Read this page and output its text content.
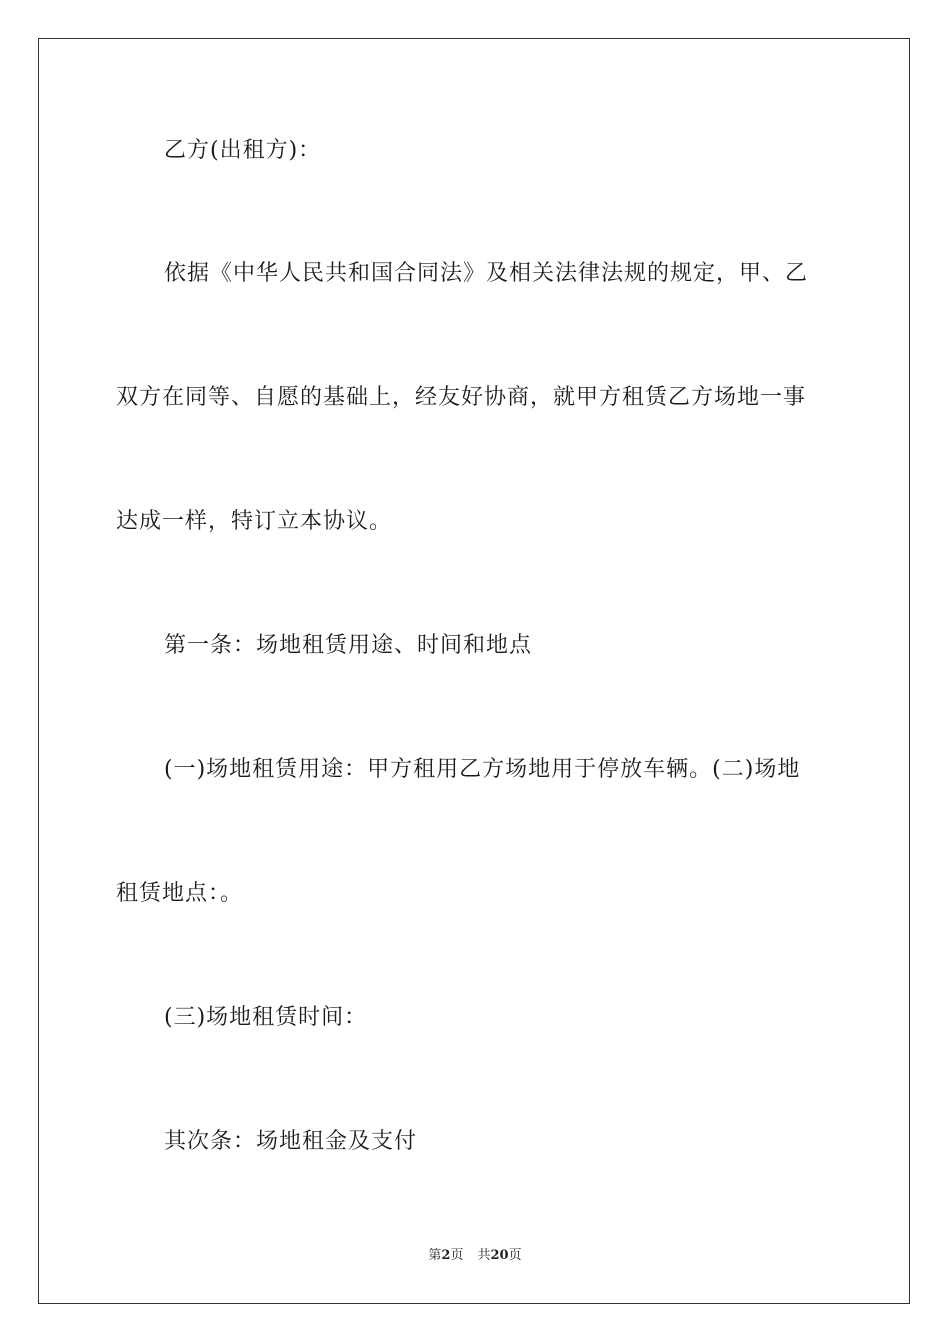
乙方(出租方)：
依据《中华人民共和国合同法》及相关法律法规的规定，甲、乙
双方在同等、自愿的基础上，经友好协商，就甲方租赁乙方场地一事
达成一样，特订立本协议。
第一条：场地租赁用途、时间和地点
(一)场地租赁用途：甲方租用乙方场地用于停放车辆。(二)场地
租赁地点：。
(三)场地租赁时间：
其次条：场地租金及支付
第2页 共20页
